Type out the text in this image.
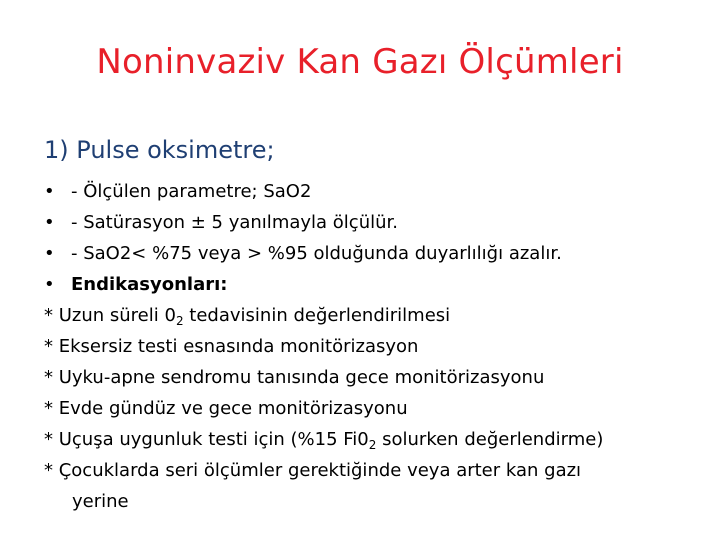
Noninvaziv Kan Gazı Ölçümleri
1) Pulse oksimetre;
• - Ölçülen parametre; SaO2
• - Satürasyon ± 5 yanılmayla ölçülür.
• - SaO2< %75 veya > %95 olduğunda duyarlılığı azalır.
• Endikasyonları:
* Uzun süreli $0_2$ tedavisinin değerlendirilmesi
* Eksersiz testi esnasında monitörizasyon
* Uyku-apne sendromu tanısında gece monitörizasyonu
* Evde gündüz ve gece monitörizasyonu
* Uçuşa uygunluk testi için (%15 $Fi0_2$ solurken değerlendirme)
* Çocuklarda seri ölçümler gerektiğinde veya arter kan gazı
yerine
